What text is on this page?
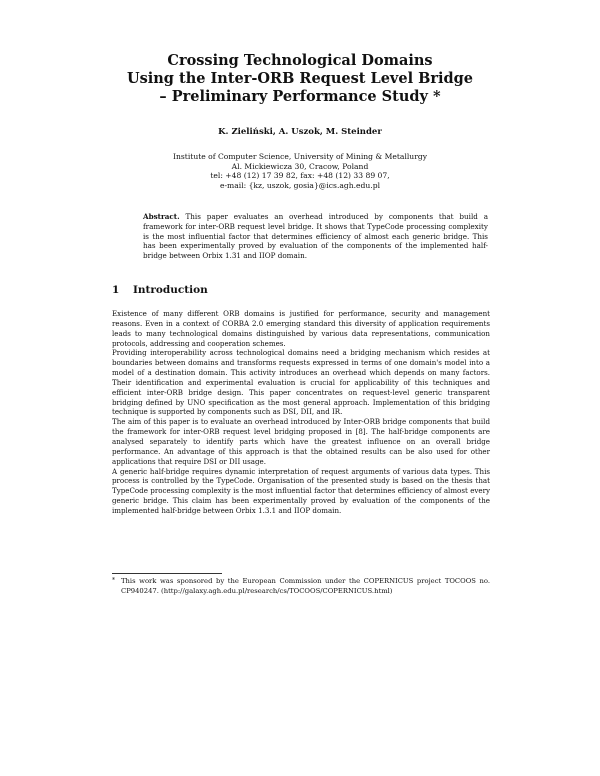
Crossing Technological Domains
Using the Inter-ORB Request Level Bridge
– Preliminary Performance Study *
K. Zieliński, A. Uszok, M. Steinder
Institute of Computer Science, University of Mining & Metallurgy
Al. Mickiewicza 30, Cracow, Poland
tel: +48 (12) 17 39 82, fax: +48 (12) 33 89 07,
e-mail: {kz, uszok, gosia}@ics.agh.edu.pl
Abstract. This paper evaluates an overhead introduced by components that build a framework for inter-ORB request level bridge. It shows that TypeCode processing complexity is the most influential factor that determines efficiency of almost each generic bridge. This has been experimentally proved by evaluation of the components of the implemented half-bridge between Orbix 1.31 and IIOP domain.
1 Introduction

Existence of many different ORB domains is justified for performance, security and management reasons. Even in a context of CORBA 2.0 emerging standard this diversity of application requirements leads to many technological domains distinguished by various data representations, communication protocols, addressing and cooperation schemes.

Providing interoperability across technological domains need a bridging mechanism which resides at boundaries between domains and transforms requests expressed in terms of one domain's model into a model of a destination domain. This activity introduces an overhead which depends on many factors. Their identification and experimental evaluation is crucial for applicability of this techniques and efficient inter-ORB bridge design. This paper concentrates on request-level generic transparent bridging defined by UNO specification as the most general approach. Implementation of this bridging technique is supported by components such as DSI, DII, and IR.

The aim of this paper is to evaluate an overhead introduced by Inter-ORB bridge components that build the framework for inter-ORB request level bridging proposed in [8]. The half-bridge components are analysed separately to identify parts which have the greatest influence on an overall bridge performance. An advantage of this approach is that the obtained results can be also used for other applications that require DSI or DII usage.

A generic half-bridge requires dynamic interpretation of request arguments of various data types. This process is controlled by the TypeCode. Organisation of the presented study is based on the thesis that TypeCode processing complexity is the most influential factor that determines efficiency of almost every generic bridge. This claim has been experimentally proved by evaluation of the components of the implemented half-bridge between Orbix 1.3.1 and IIOP domain.

* This work was sponsored by the European Commission under the COPERNICUS project TOCOOS no. CP940247. (http://galaxy.agh.edu.pl/research/cs/TOCOOS/COPERNICUS.html)
